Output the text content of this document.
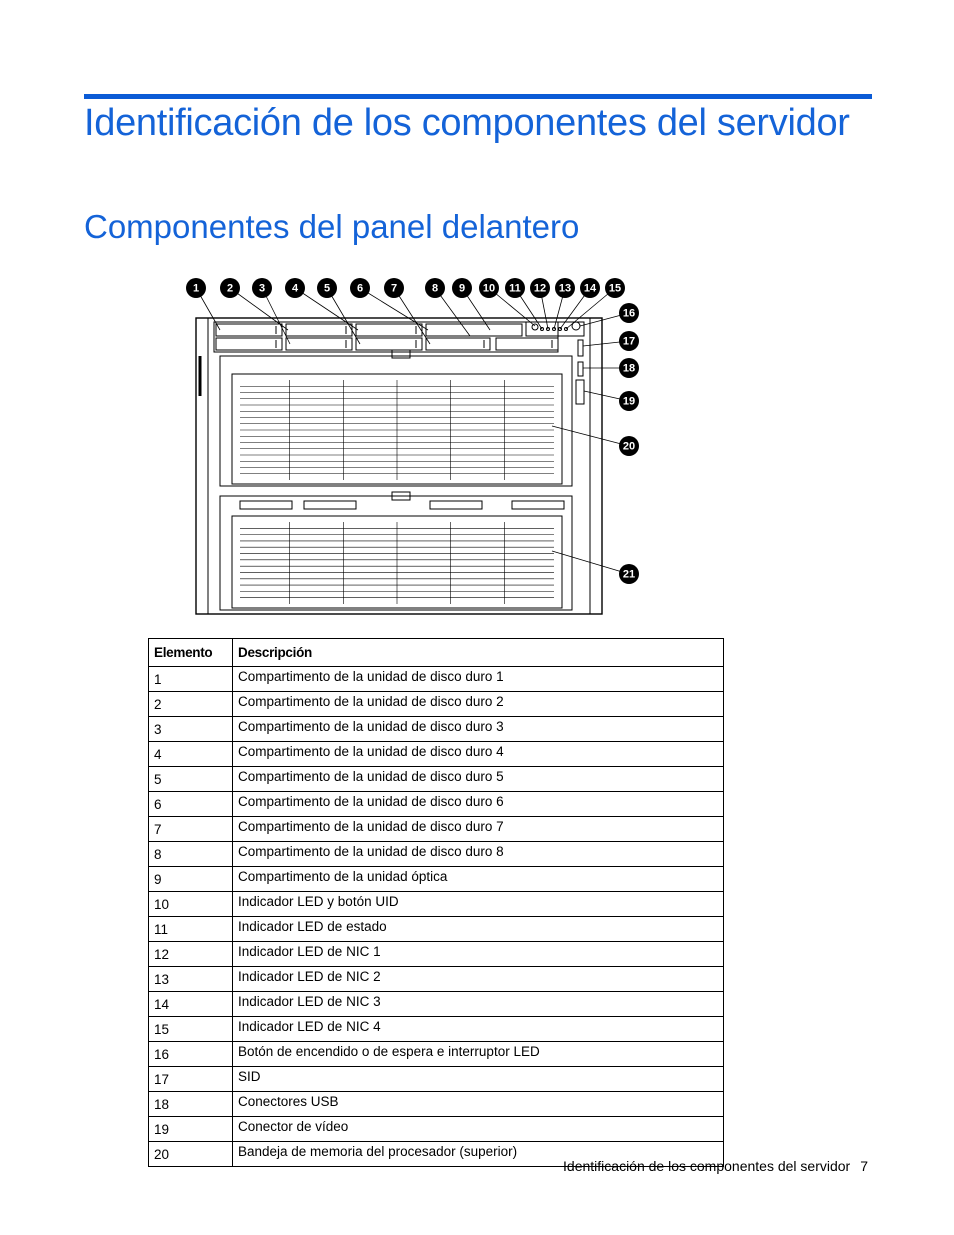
Identificación de los componentes del servidor
Componentes del panel delantero
1	2 3 4 5 6	7	8 9 10 11 12 13 14 15
16
17
18
19
20
21
Elemento	Descripción
1	Compartimento de la unidad de disco duro 1
2	Compartimento de la unidad de disco duro 2
3	Compartimento de la unidad de disco duro 3
4	Compartimento de la unidad de disco duro 4
5	Compartimento de la unidad de disco duro 5
6	Compartimento de la unidad de disco duro 6
7	Compartimento de la unidad de disco duro 7
8	Compartimento de la unidad de disco duro 8
9	Compartimento de la unidad óptica
10	Indicador LED y botón UID
11	Indicador LED de estado
12	Indicador LED de NIC 1
13	Indicador LED de NIC 2
14	Indicador LED de NIC 3
15	Indicador LED de NIC 4
16	Botón de encendido o de espera e interruptor LED
17	SID
18	Conectores USB
19	Conector de vídeo
20	Bandeja de memoria del procesador (superior)
Identificación de los componentes del servidor 7
